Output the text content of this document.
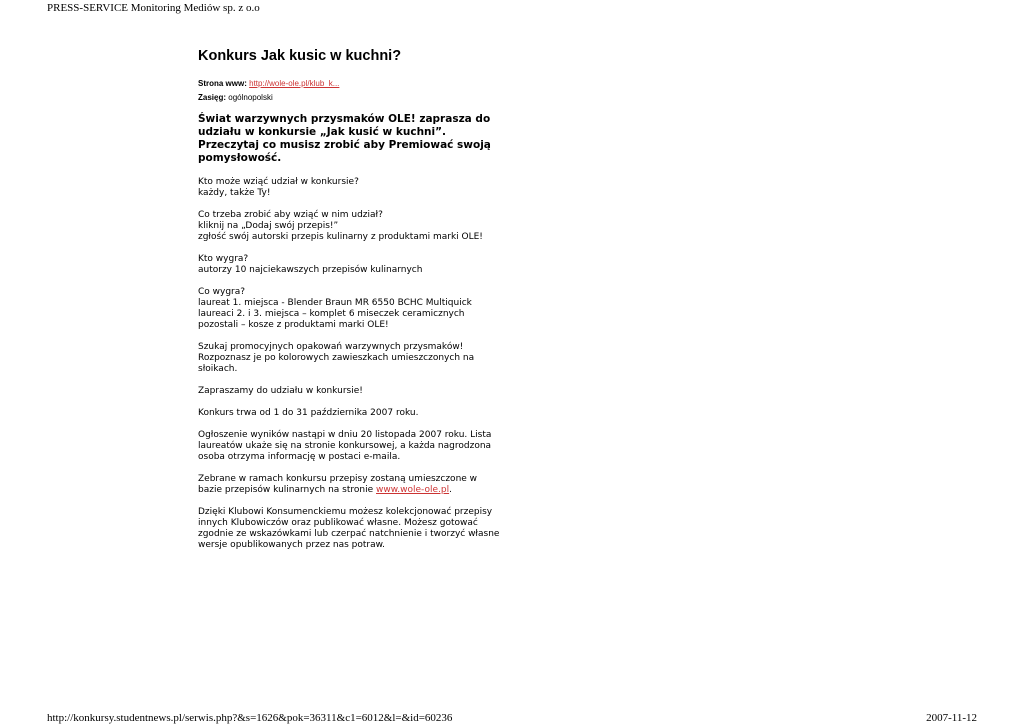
PRESS-SERVICE Monitoring Mediów sp. z o.o
Konkurs Jak kusic w kuchni?
Strona www: http://wole-ole.pl/klub_k...
Zasięg: ogólnopolski
Świat warzywnych przysmaków OLE! zaprasza do udziału w konkursie „Jak kusić w kuchni”. Przeczytaj co musisz zrobić aby Premiować swoją pomysłowość.
Kto może wziąć udział w konkursie?
każdy, także Ty!
Co trzeba zrobić aby wziąć w nim udział?
kliknij na „Dodaj swój przepis!”
zgłość swój autorski przepis kulinarny z produktami marki OLE!
Kto wygra?
autorzy 10 najciekawszych przepisów kulinarnych
Co wygra?
laureat 1. miejsca - Blender Braun MR 6550 BCHC Multiquick
laureaci 2. i 3. miejsca – komplet 6 miseczek ceramicznych
pozostali – kosze z produktami marki OLE!
Szukaj promocyjnych opakowań warzywnych przysmaków!
Rozpoznasz je po kolorowych zawieszkach umieszczonych na
słoikach.
Zapraszamy do udziału w konkursie!
Konkurs trwa od 1 do 31 października 2007 roku.
Ogłoszenie wyników nastąpi w dniu 20 listopada 2007 roku. Lista
laureatów ukaże się na stronie konkursowej, a każda nagrodzona
osoba otrzyma informację w postaci e-maila.
Zebrane w ramach konkursu przepisy zostaną umieszczone w
bazie przepisów kulinarnych na stronie www.wole-ole.pl.
Dzięki Klubowi Konsumenckiemu możesz kolekcjonować przepisy
innych Klubowiczów oraz publikować własne. Możesz gotować
zgodnie ze wskazówkami lub czerpać natchnienie i tworzyć własne
wersje opublikowanych przez nas potraw.
http://konkursy.studentnews.pl/serwis.php?&s=1626&pok=36311&c1=6012&l=&id=60236	2007-11-12
